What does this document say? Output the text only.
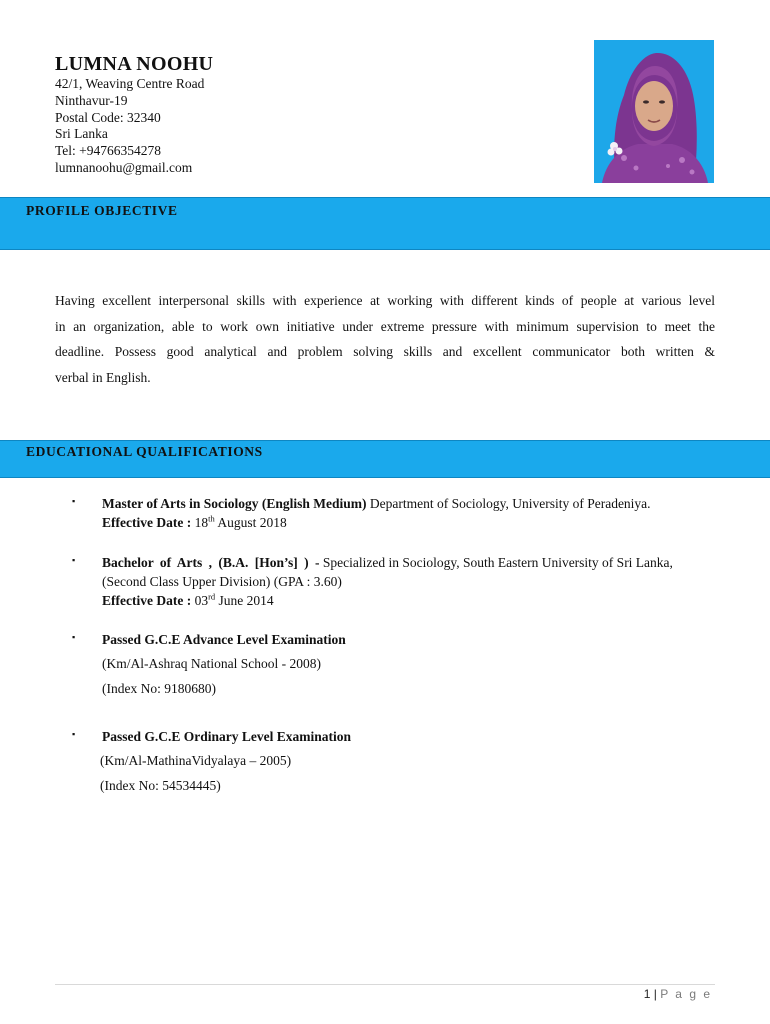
LUMNA NOOHU
42/1, Weaving Centre Road
Ninthavur-19
Postal Code: 32340
Sri Lanka
Tel: +94766354278
lumnanoohu@gmail.com
PROFILE OBJECTIVE
Having excellent interpersonal skills with experience at working with different kinds of people at various level
in an organization, able to work own initiative under extreme pressure with minimum supervision to meet the
deadline. Possess good analytical and problem solving skills and excellent communicator both written &
verbal in English.
EDUCATIONAL QUALIFICATIONS
▪ Master of Arts in Sociology (English Medium) Department of Sociology, University of Peradeniya.
Effective Date : 18th August 2018
▪ Bachelor of Arts , (B.A. [Hon’s] ) - Specialized in Sociology, South Eastern University of Sri Lanka,
(Second Class Upper Division) (GPA : 3.60)
Effective Date : 03rd June 2014
▪ Passed G.C.E Advance Level Examination
(Km/Al-Ashraq National School - 2008)
(Index No: 9180680)
▪ Passed G.C.E Ordinary Level Examination
(Km/Al-MathinaVidyalaya – 2005)
(Index No: 54534445)
1 | P a g e
